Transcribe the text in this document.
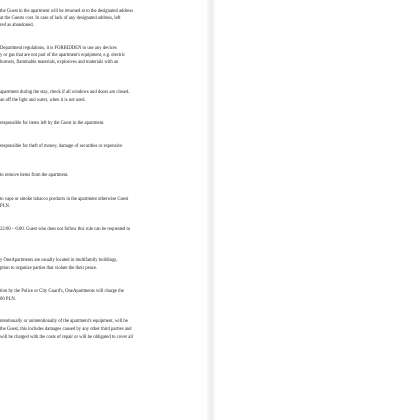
the Guest in the apartment will be returned at to the designated address
at the Guests cost. In case of lack of any designated address, left
red as abandoned.
Department regulations, it is FORBIDDEN to use any devices
y or gas that are not part of the apartment's equipment, e.g. electric
burners, flammable materials, explosives and materials with an
apartment during the stay, check if all windows and doors are closed.
an off the light and water, when it is not used.
responsible for items left by the Guest in the apartment.
responsible for theft of money, damage of securities or expensive
to remove items from the apartment.
to vape or smoke tobacco products in the apartment otherwise Guest
PLN.
22:00 – 6:00. Guest who does not follow this rule can be requested to
y OneApartments are usually located in multifamily buildings,
ption to organize parties that violate the their peace.
tion by the Police or City Guard's, OneApartments will charge the
00 PLN.
ntentionally or unintentionally of the apartment's equipment, will be
the Guest, this includes damages caused by any other third parties and
will be charged with the costs of repair or will be obligated to cover all
